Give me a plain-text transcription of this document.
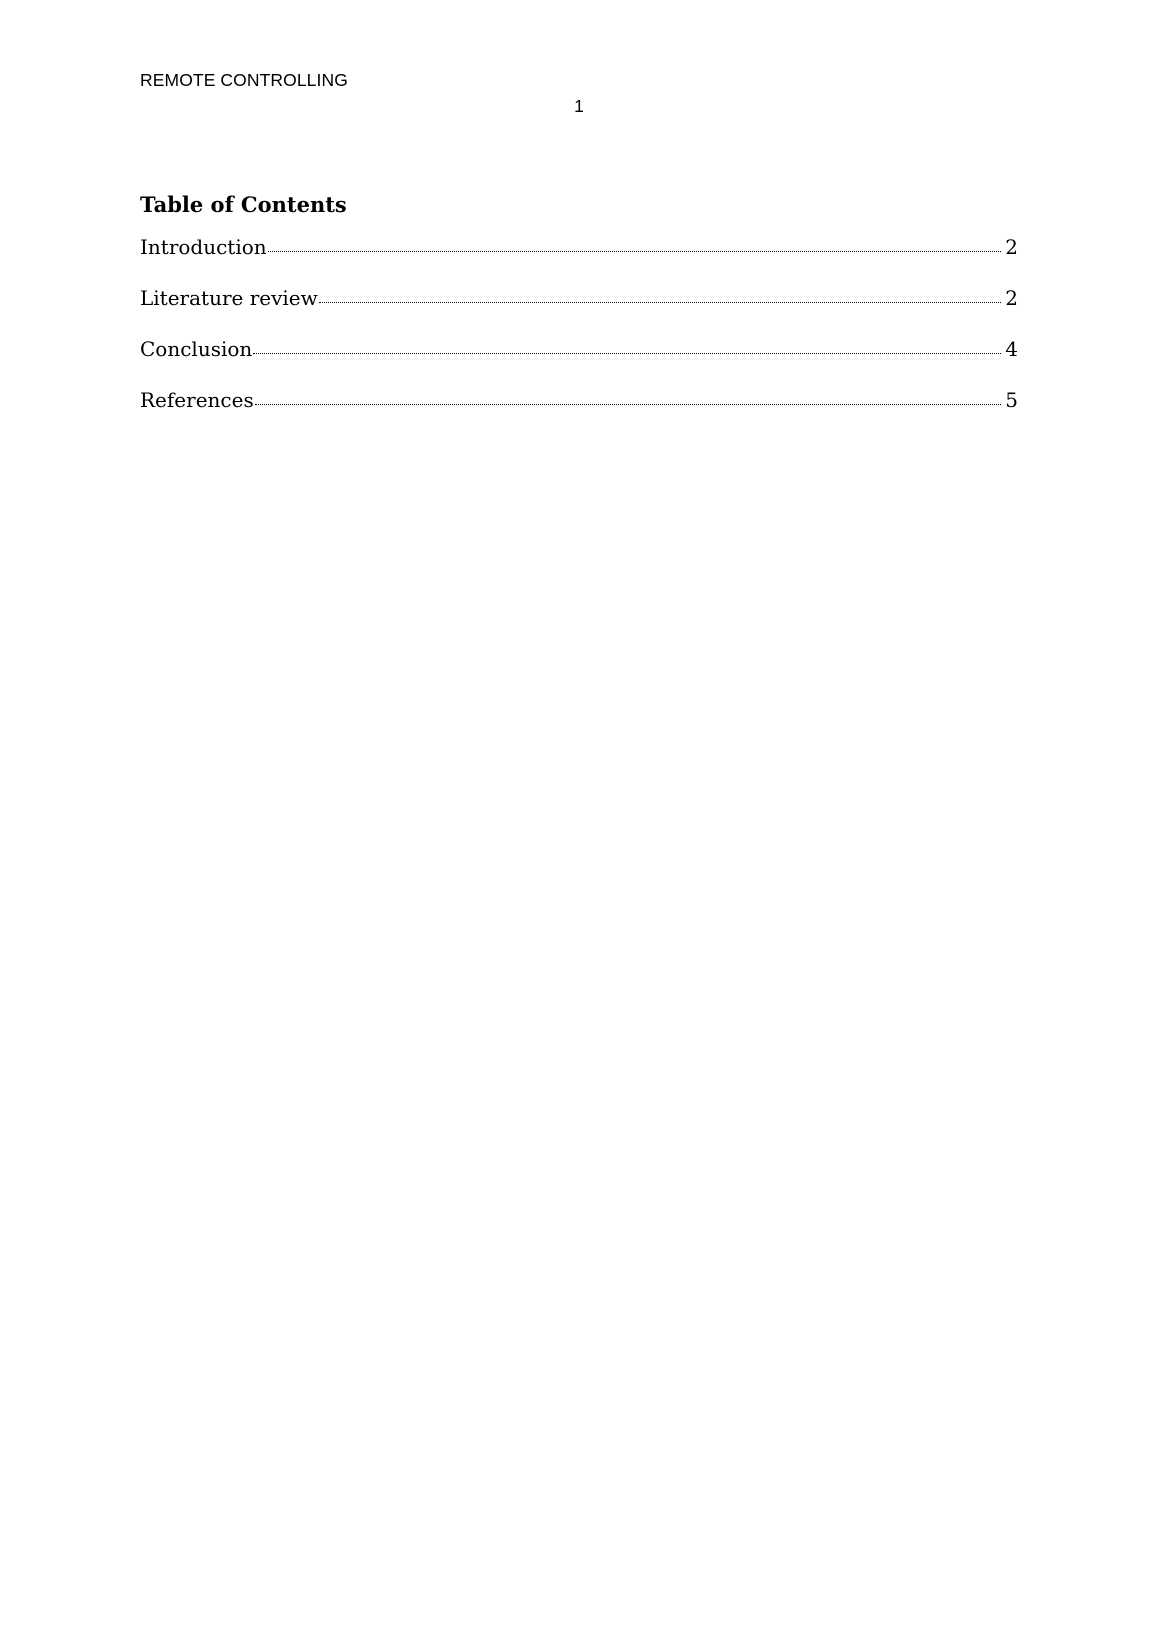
REMOTE CONTROLLING
1
Table of Contents
Introduction	2
Literature review	2
Conclusion	4
References	5
